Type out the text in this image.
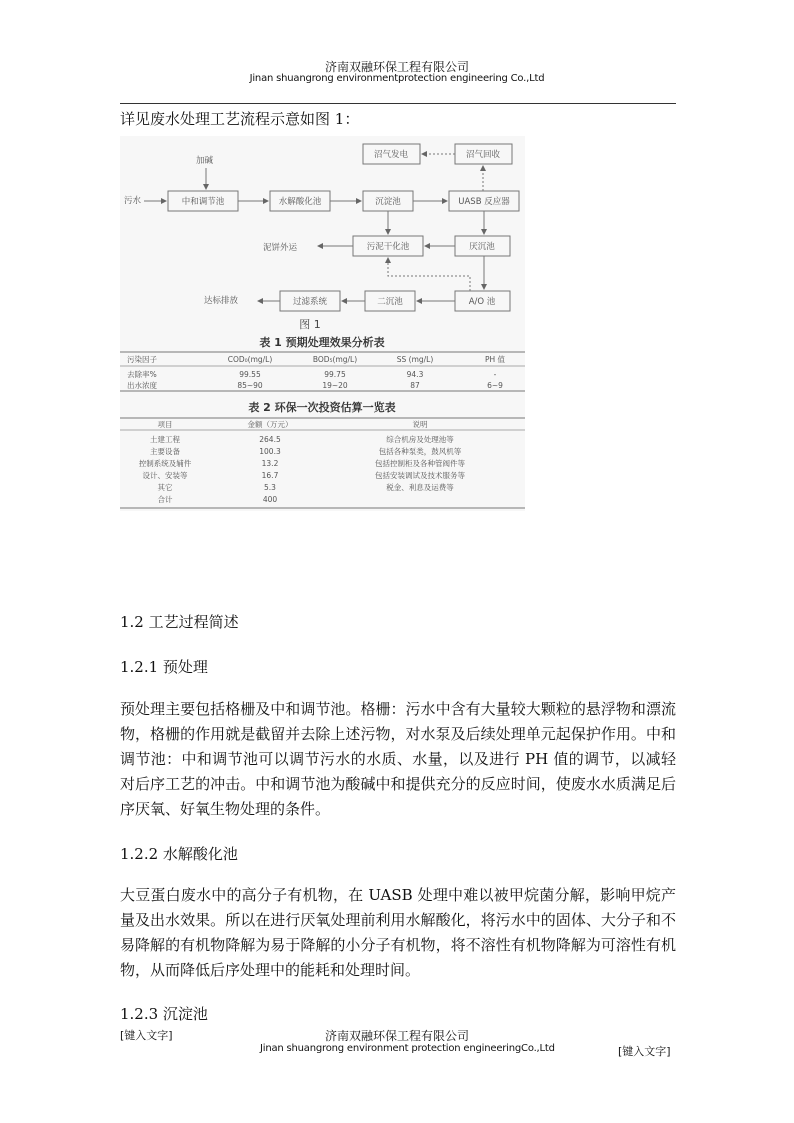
济南双融环保工程有限公司
Jinan shuangrong environmentprotection engineering Co.,Ltd
详见废水处理工艺流程示意如图 1：
沼气发电	沼气回收
加碱
污水	中和调节池	水解酸化池	沉淀池	UASB 反应器
泥饼外运	污泥干化池	厌沉池
达标排放	过滤系统	二沉池	A/O 池
图 1
表 1 预期处理效果分析表
污染因子	COD₀(mg/L)	BOD₅(mg/L)	SS (mg/L)	PH 值
去除率%	99.55	99.75	94.3	-
出水浓度	85~90	19~20	87	6~9
表 2 环保一次投资估算一览表
项目	金额（万元）	说明
土建工程	264.5	综合机房及处理池等
主要设备	100.3	包括各种泵类，鼓风机等
控制系统及辅件	13.2	包括控制柜及各种管阀件等
设计、安装等	16.7	包括安装调试及技术服务等
其它	5.3	税金、利息及运费等
合计	400
1.2 工艺过程简述
1.2.1 预处理

预处理主要包括格栅及中和调节池。格栅：污水中含有大量较大颗粒的悬浮物和漂流物，格栅的作用就是截留并去除上述污物，对水泵及后续处理单元起保护作用。中和调节池：中和调节池可以调节污水的水质、水量，以及进行 PH 值的调节，以减轻对后序工艺的冲击。中和调节池为酸碱中和提供充分的反应时间，使废水水质满足后序厌氧、好氧生物处理的条件。

1.2.2 水解酸化池

大豆蛋白废水中的高分子有机物，在 UASB 处理中难以被甲烷菌分解，影响甲烷产 量及出水效果。所以在进行厌氧处理前利用水解酸化，将污水中的固体、大分子和不易降解的有机物降解为易于降解的小分子有机物，将不溶性有机物降解为可溶性有机物，从而降低后序处理中的能耗和处理时间。

1.2.3 沉淀池
[键入文字]	济南双融环保工程有限公司
Jinan shuangrong environment protection engineeringCo.,Ltd	[键入文字]
